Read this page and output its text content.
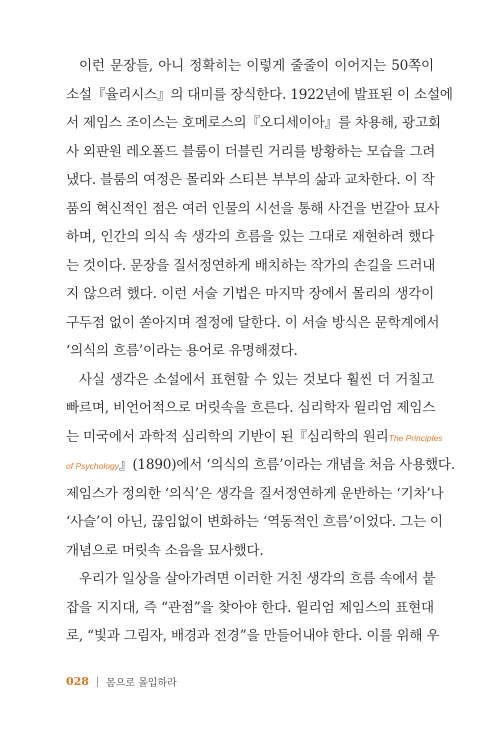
이런 문장들, 아니 정확히는 이렇게 줄줄이 이어지는 50쪽이
소설『율리시스』의 대미를 장식한다. 1922년에 발표된 이 소설에
서 제임스 조이스는 호메로스의『오디세이아』를 차용해, 광고회
사 외판원 레오폴드 블룸이 더블린 거리를 방황하는 모습을 그려
냈다. 블룸의 여정은 몰리와 스티븐 부부의 삶과 교차한다. 이 작
품의 혁신적인 점은 여러 인물의 시선을 통해 사건을 번갈아 묘사
하며, 인간의 의식 속 생각의 흐름을 있는 그대로 재현하려 했다
는 것이다. 문장을 질서정연하게 배치하는 작가의 손길을 드러내
지 않으려 했다. 이런 서술 기법은 마지막 장에서 몰리의 생각이
구두점 없이 쏟아지며 절정에 달한다. 이 서술 방식은 문학계에서
‘의식의 흐름’이라는 용어로 유명해졌다.
사실 생각은 소설에서 표현할 수 있는 것보다 훨씬 더 거칠고
빠르며, 비언어적으로 머릿속을 흐른다. 심리학자 윌리엄 제임스
는 미국에서 과학적 심리학의 기반이 된『심리학의 원리 The Principles
of Psychology 』(1890)에서 ‘의식의 흐름’이라는 개념을 처음 사용했다.
제임스가 정의한 ‘의식’은 생각을 질서정연하게 운반하는 ‘기차’나
‘사슬’이 아닌, 끊임없이 변화하는 ‘역동적인 흐름’이었다. 그는 이
개념으로 머릿속 소음을 묘사했다.
우리가 일상을 살아가려면 이러한 거친 생각의 흐름 속에서 붙
잡을 지지대, 즉 “관점”을 찾아야 한다. 윌리엄 제임스의 표현대
로, “빛과 그림자, 배경과 전경”을 만들어내야 한다. 이를 위해 우
028 몸으로 몰입하라
